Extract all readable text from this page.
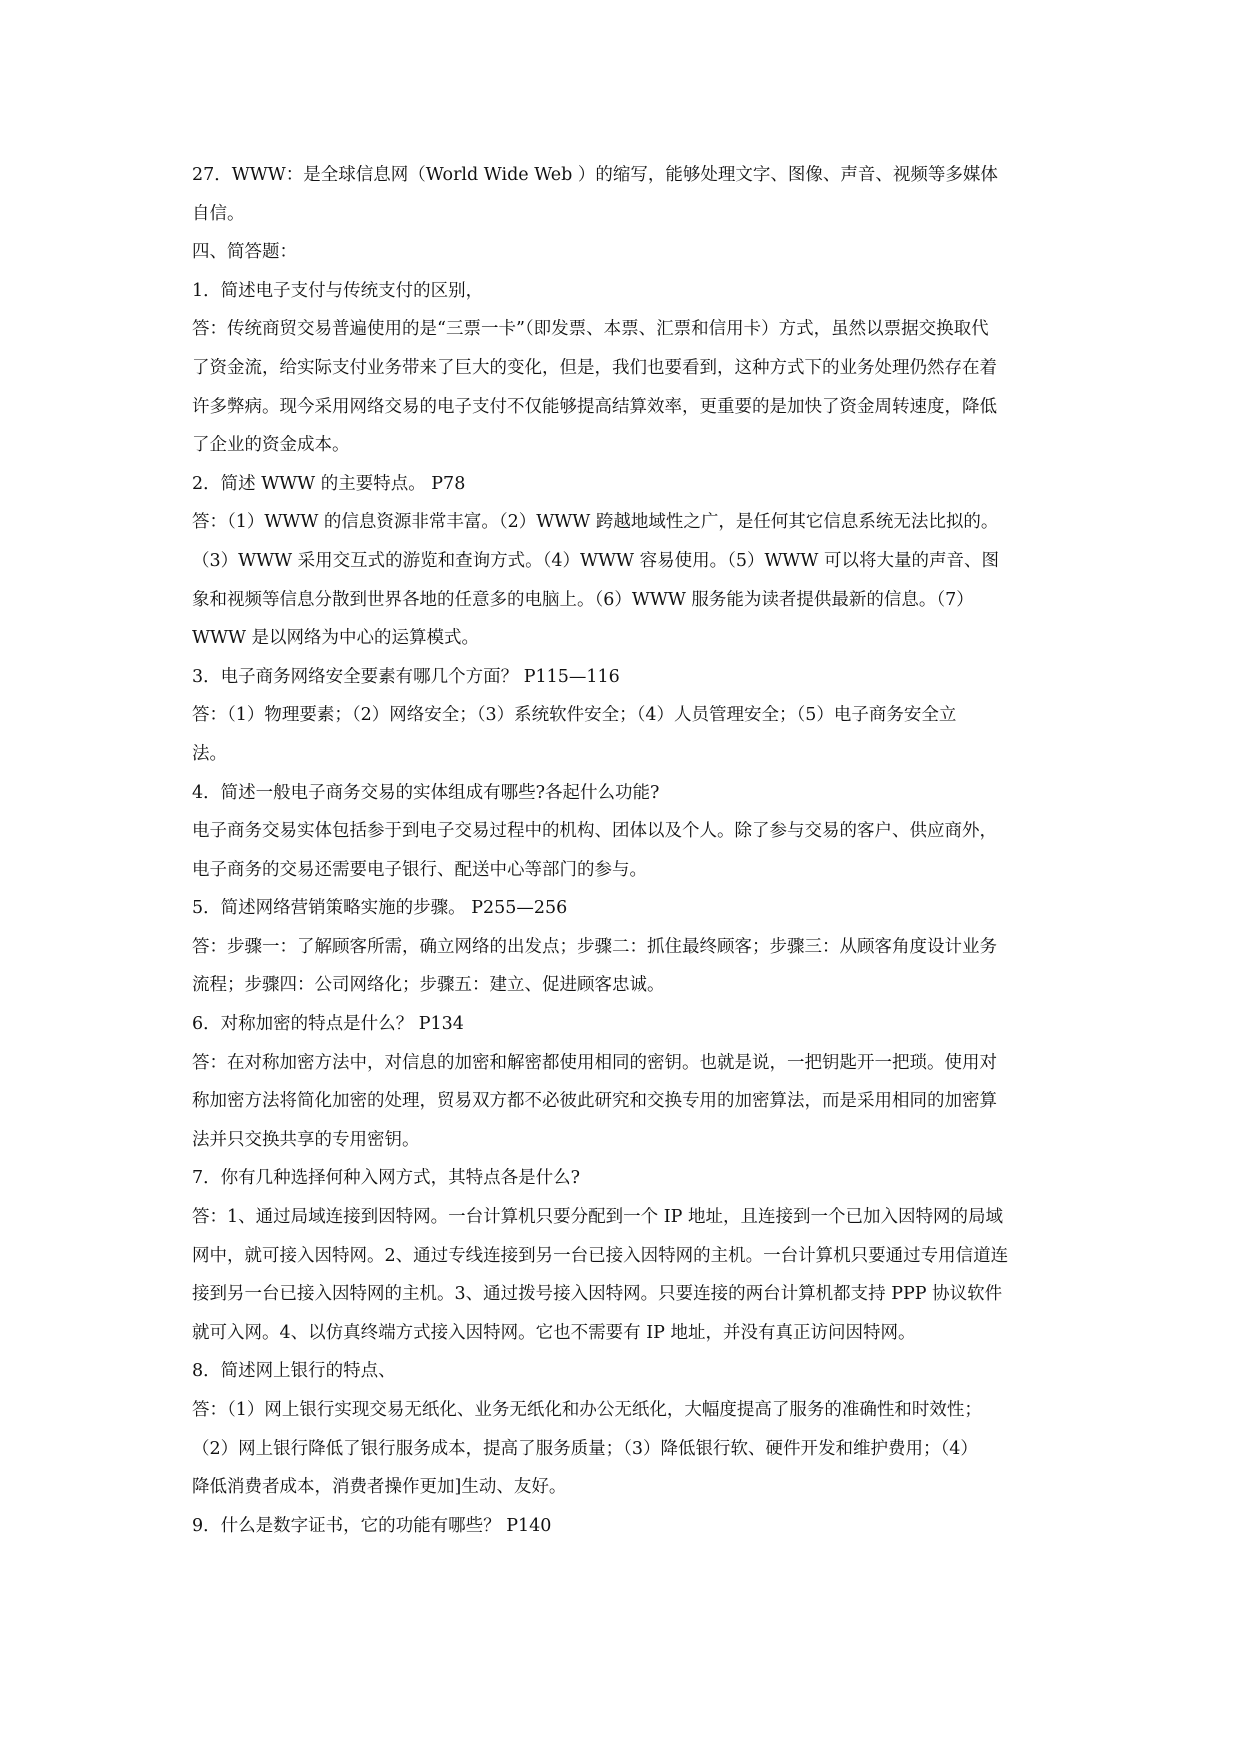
27．WWW：是全球信息网（World Wide Web ）的缩写，能够处理文字、图像、声音、视频等多媒体
自信。
四、简答题：
1．简述电子支付与传统支付的区别，
答：传统商贸交易普遍使用的是“三票一卡”（即发票、本票、汇票和信用卡）方式，虽然以票据交换取代
了资金流，给实际支付业务带来了巨大的变化，但是，我们也要看到，这种方式下的业务处理仍然存在着
许多弊病。现今采用网络交易的电子支付不仅能够提高结算效率，更重要的是加快了资金周转速度，降低
了企业的资金成本。
2．简述 WWW 的主要特点。 P78
答：（1）WWW 的信息资源非常丰富。（2）WWW 跨越地域性之广，是任何其它信息系统无法比拟的。
（3）WWW 采用交互式的游览和查询方式。（4）WWW 容易使用。（5）WWW 可以将大量的声音、图
象和视频等信息分散到世界各地的任意多的电脑上。（6）WWW 服务能为读者提供最新的信息。（7）
WWW 是以网络为中心的运算模式。
3．电子商务网络安全要素有哪几个方面？ P115—116
答：（1）物理要素；（2）网络安全；（3）系统软件安全；（4）人员管理安全；（5）电子商务安全立
法。
4．简述一般电子商务交易的实体组成有哪些?各起什么功能?
电子商务交易实体包括参于到电子交易过程中的机构、团体以及个人。除了参与交易的客户、供应商外，
电子商务的交易还需要电子银行、配送中心等部门的参与。
5．简述网络营销策略实施的步骤。 P255—256
答：步骤一：了解顾客所需，确立网络的出发点；步骤二：抓住最终顾客；步骤三：从顾客角度设计业务
流程；步骤四：公司网络化；步骤五：建立、促进顾客忠诚。
6．对称加密的特点是什么？ P134
答：在对称加密方法中，对信息的加密和解密都使用相同的密钥。也就是说，一把钥匙开一把琐。使用对
称加密方法将简化加密的处理，贸易双方都不必彼此研究和交换专用的加密算法，而是采用相同的加密算
法并只交换共享的专用密钥。
7．你有几种选择何种入网方式，其特点各是什么?
答：1、通过局域连接到因特网。一台计算机只要分配到一个 IP 地址，且连接到一个已加入因特网的局域
网中，就可接入因特网。2、通过专线连接到另一台已接入因特网的主机。一台计算机只要通过专用信道连
接到另一台已接入因特网的主机。3、通过拨号接入因特网。只要连接的两台计算机都支持 PPP 协议软件
就可入网。4、以仿真终端方式接入因特网。它也不需要有 IP 地址，并没有真正访问因特网。
8．简述网上银行的特点、
答：（1）网上银行实现交易无纸化、业务无纸化和办公无纸化，大幅度提高了服务的准确性和时效性；
（2）网上银行降低了银行服务成本，提高了服务质量；（3）降低银行软、硬件开发和维护费用；（4）
降低消费者成本，消费者操作更加]生动、友好。
9．什么是数字证书，它的功能有哪些？ P140
